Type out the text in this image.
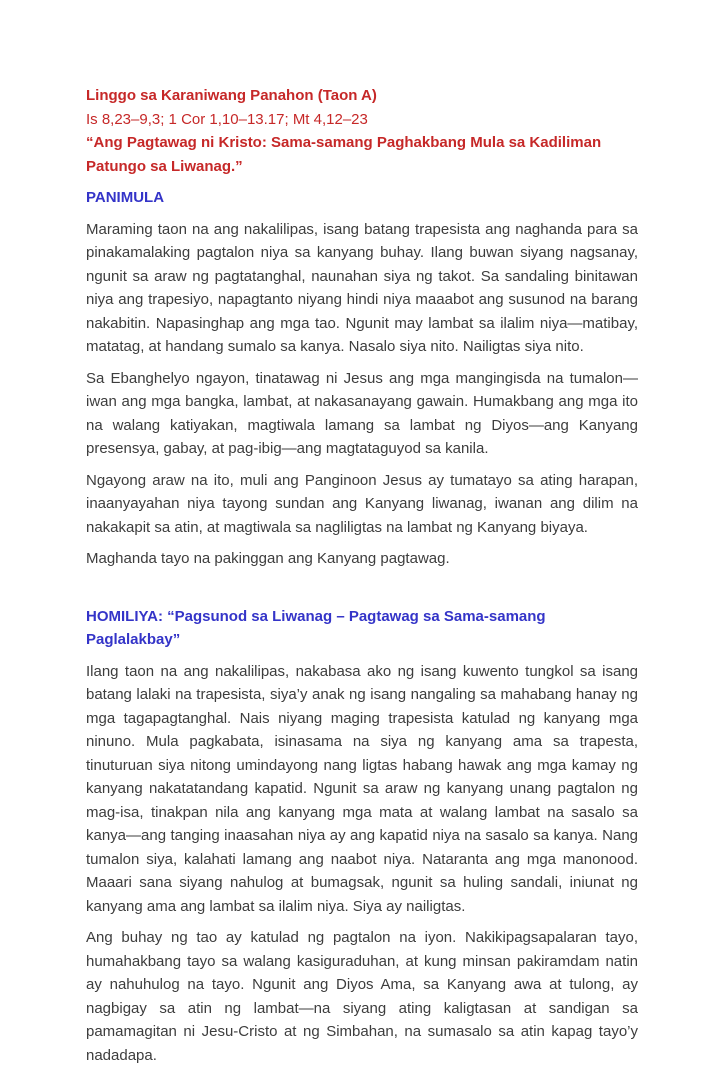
Linggo sa Karaniwang Panahon (Taon A)

Is 8,23–9,3; 1 Cor 1,10–13.17; Mt 4,12–23

“Ang Pagtawag ni Kristo: Sama-samang Paghakbang Mula sa Kadiliman Patungo sa Liwanag.”

PANIMULA

Maraming taon na ang nakalilipas, isang batang trapesista ang naghanda para sa pinakamalaking pagtalon niya sa kanyang buhay. Ilang buwan siyang nagsanay, ngunit sa araw ng pagtatanghal, naunahan siya ng takot. Sa sandaling binitawan niya ang trapesiyo, napagtanto niyang hindi niya maaabot ang susunod na barang nakabitin. Napasinghap ang mga tao. Ngunit may lambat sa ilalim niya—matibay, matatag, at handang sumalo sa kanya. Nasalo siya nito. Nailigtas siya nito.

Sa Ebanghelyo ngayon, tinatawag ni Jesus ang mga mangingisda na tumalon—iwan ang mga bangka, lambat, at nakasanayang gawain. Humakbang ang mga ito na walang katiyakan, magtiwala lamang sa lambat ng Diyos—ang Kanyang presensya, gabay, at pag-ibig—ang magtataguyod sa kanila.

Ngayong araw na ito, muli ang Panginoon Jesus ay tumatayo sa ating harapan, inaanyayahan niya tayong sundan ang Kanyang liwanag, iwanan ang dilim na nakakapit sa atin, at magtiwala sa nagliligtas na lambat ng Kanyang biyaya.

Maghanda tayo na pakinggan ang Kanyang pagtawag.

HOMILIYA: “Pagsunod sa Liwanag – Pagtawag sa Sama-samang Paglalakbay”

Ilang taon na ang nakalilipas, nakabasa ako ng isang kuwento tungkol sa isang batang lalaki na trapesista, siya’y anak ng isang nangaling sa mahabang hanay ng mga tagapagtanghal. Nais niyang maging trapesista katulad ng kanyang mga ninuno. Mula pagkabata, isinasama na siya ng kanyang ama sa trapesta, tinuturuan siya nitong umindayong nang ligtas habang hawak ang mga kamay ng kanyang nakatatandang kapatid. Ngunit sa araw ng kanyang unang pagtalon ng mag-isa, tinakpan nila ang kanyang mga mata at walang lambat na sasalo sa kanya—ang tanging inaasahan niya ay ang kapatid niya na sasalo sa kanya. Nang tumalon siya, kalahati lamang ang naabot niya. Nataranta ang mga manonood. Maaari sana siyang nahulog at bumagsak, ngunit sa huling sandali, iniunat ng kanyang ama ang lambat sa ilalim niya. Siya ay nailigtas.

Ang buhay ng tao ay katulad ng pagtalon na iyon. Nakikipagsapalaran tayo, humahakbang tayo sa walang kasiguraduhan, at kung minsan pakiramdam natin ay nahuhulog na tayo. Ngunit ang Diyos Ama, sa Kanyang awa at tulong, ay nagbigay sa atin ng lambat—na siyang ating kaligtasan at sandigan sa pamamagitan ni Jesu-Cristo at ng Simbahan, na sumasalo sa atin kapag tayo’y nadadapa.
